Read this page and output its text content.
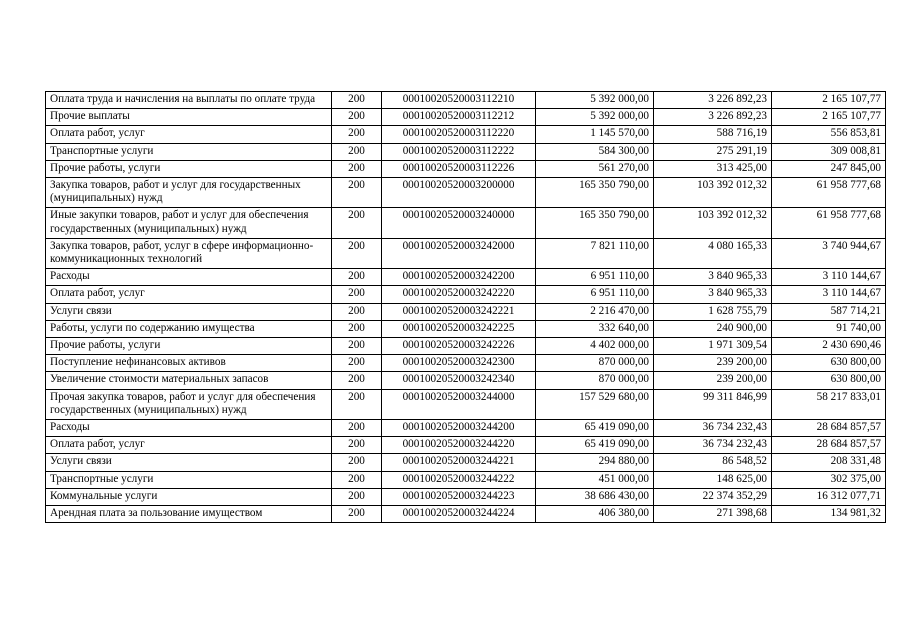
Оплата труда и начисления на выплаты по оплате труда	200	00010020520003112210	5 392 000,00	3 226 892,23	2 165 107,77
Прочие выплаты	200	00010020520003112212	5 392 000,00	3 226 892,23	2 165 107,77
Оплата работ, услуг	200	00010020520003112220	1 145 570,00	588 716,19	556 853,81
Транспортные услуги	200	00010020520003112222	584 300,00	275 291,19	309 008,81
Прочие работы, услуги	200	00010020520003112226	561 270,00	313 425,00	247 845,00
Закупка товаров, работ и услуг для государственных (муниципальных) нужд	200	00010020520003200000	165 350 790,00	103 392 012,32	61 958 777,68
Иные закупки товаров, работ и услуг для обеспечения государственных (муниципальных) нужд	200	00010020520003240000	165 350 790,00	103 392 012,32	61 958 777,68
Закупка товаров, работ, услуг в сфере информационно-коммуникационных технологий	200	00010020520003242000	7 821 110,00	4 080 165,33	3 740 944,67
Расходы	200	00010020520003242200	6 951 110,00	3 840 965,33	3 110 144,67
Оплата работ, услуг	200	00010020520003242220	6 951 110,00	3 840 965,33	3 110 144,67
Услуги связи	200	00010020520003242221	2 216 470,00	1 628 755,79	587 714,21
Работы, услуги по содержанию имущества	200	00010020520003242225	332 640,00	240 900,00	91 740,00
Прочие работы, услуги	200	00010020520003242226	4 402 000,00	1 971 309,54	2 430 690,46
Поступление нефинансовых активов	200	00010020520003242300	870 000,00	239 200,00	630 800,00
Увеличение стоимости материальных запасов	200	00010020520003242340	870 000,00	239 200,00	630 800,00
Прочая закупка товаров, работ и услуг для обеспечения государственных (муниципальных) нужд	200	00010020520003244000	157 529 680,00	99 311 846,99	58 217 833,01
Расходы	200	00010020520003244200	65 419 090,00	36 734 232,43	28 684 857,57
Оплата работ, услуг	200	00010020520003244220	65 419 090,00	36 734 232,43	28 684 857,57
Услуги связи	200	00010020520003244221	294 880,00	86 548,52	208 331,48
Транспортные услуги	200	00010020520003244222	451 000,00	148 625,00	302 375,00
Коммунальные услуги	200	00010020520003244223	38 686 430,00	22 374 352,29	16 312 077,71
Арендная плата за пользование имуществом	200	00010020520003244224	406 380,00	271 398,68	134 981,32
